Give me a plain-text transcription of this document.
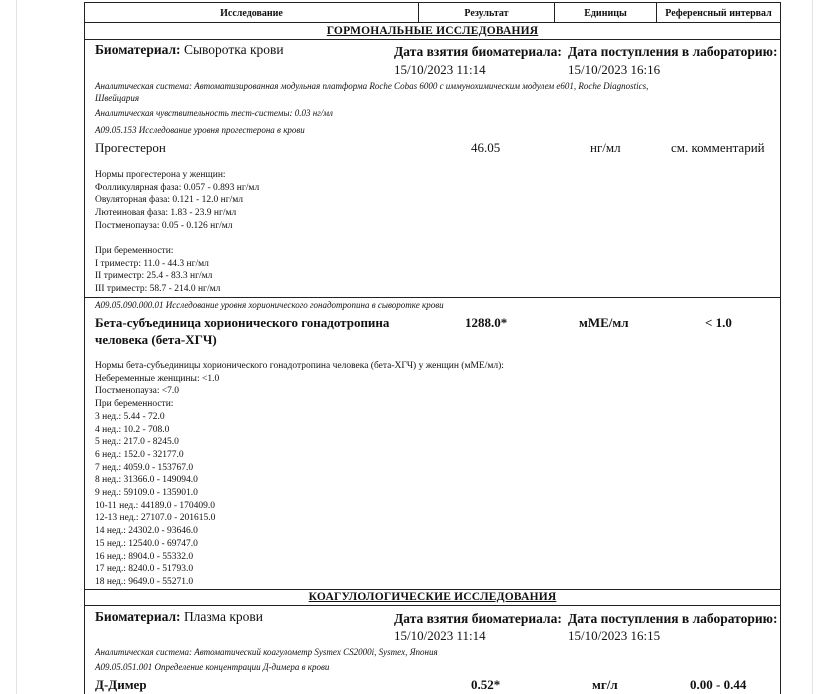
Исследование	Результат	Единицы	Референсный интервал
ГОРМОНАЛЬНЫЕ ИССЛЕДОВАНИЯ
Биоматериал: Сыворотка крови	Дата взятия биоматериала:
15/10/2023 11:14
Дата поступления в лабораторию:
15/10/2023 16:16
Аналитическая система: Автоматизированная модульная платформа Roche Cobas 6000 с иммунохимическим модулем e601, Roche Diagnostics,
Швейцария
Аналитическая чувствительность тест-системы: 0.03 нг/мл
A09.05.153 Исследование уровня прогестерона в крови
Прогестерон	46.05	нг/мл	см. комментарий
Нормы прогестерона у женщин:
Фолликулярная фаза: 0.057 - 0.893 нг/мл
Овуляторная фаза: 0.121 - 12.0 нг/мл
Лютеиновая фаза: 1.83 - 23.9 нг/мл
Постменопауза: 0.05 - 0.126 нг/мл
При беременности:
I триместр: 11.0 - 44.3 нг/мл
II триместр: 25.4 - 83.3 нг/мл
III триместр: 58.7 - 214.0 нг/мл
A09.05.090.000.01 Исследование уровня хорионического гонадотропина в сыворотке крови
Бета-субъединица хорионического гонадотропина
человека (бета-ХГЧ)
1288.0*	мМЕ/мл	< 1.0
Нормы бета-субъединицы хорионического гонадотропина человека (бета-ХГЧ) у женщин (мМЕ/мл):
Небеременные женщины: <1.0
Постменопауза: <7.0
При беременности:
3 нед.: 5.44 - 72.0
4 нед.: 10.2 - 708.0
5 нед.: 217.0 - 8245.0
6 нед.: 152.0 - 32177.0
7 нед.: 4059.0 - 153767.0
8 нед.: 31366.0 - 149094.0
9 нед.: 59109.0 - 135901.0
10-11 нед.: 44189.0 - 170409.0
12-13 нед.: 27107.0 - 201615.0
14 нед.: 24302.0 - 93646.0
15 нед.: 12540.0 - 69747.0
16 нед.: 8904.0 - 55332.0
17 нед.: 8240.0 - 51793.0
18 нед.: 9649.0 - 55271.0
КОАГУЛОЛОГИЧЕСКИЕ ИССЛЕДОВАНИЯ
Биоматериал: Плазма крови	Дата взятия биоматериала:
15/10/2023 11:14
Дата поступления в лабораторию:
15/10/2023 16:15
Аналитическая система: Автоматический коагулометр Sysmex CS2000i, Sysmex, Япония
A09.05.051.001 Определение концентрации Д-димера в крови
Д-Димер	0.52*	мг/л	0.00 - 0.44
